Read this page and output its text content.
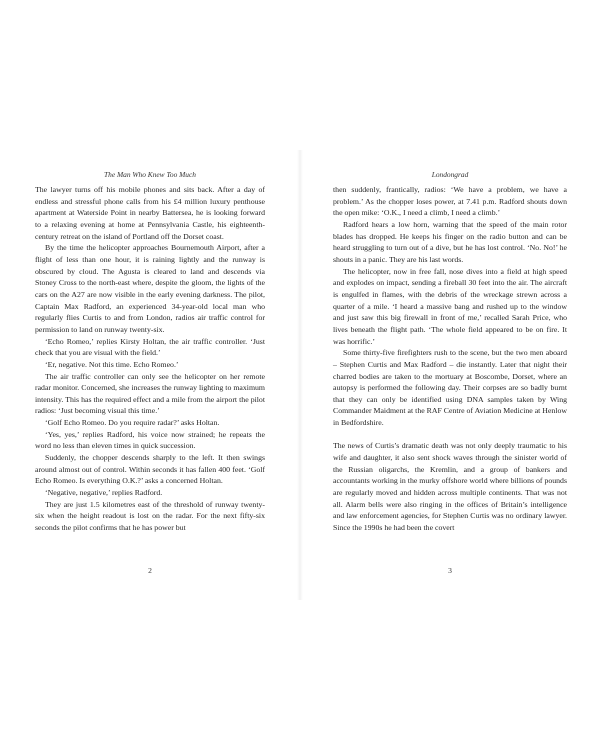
The Man Who Knew Too Much

The lawyer turns off his mobile phones and sits back. After a day of endless and stressful phone calls from his £4 million luxury penthouse apartment at Waterside Point in nearby Battersea, he is looking forward to a relaxing evening at home at Pennsylvania Castle, his eighteenth-century retreat on the island of Portland off the Dorset coast.

By the time the helicopter approaches Bournemouth Airport, after a flight of less than one hour, it is raining lightly and the runway is obscured by cloud. The Agusta is cleared to land and descends via Stoney Cross to the north-east where, despite the gloom, the lights of the cars on the A27 are now visible in the early evening darkness. The pilot, Captain Max Radford, an experienced 34-year-old local man who regularly flies Curtis to and from London, radios air traffic control for permission to land on runway twenty-six.

‘Echo Romeo,’ replies Kirsty Holtan, the air traffic controller. ‘Just check that you are visual with the field.’

‘Er, negative. Not this time. Echo Romeo.’

The air traffic controller can only see the helicopter on her remote radar monitor. Concerned, she increases the runway lighting to maximum intensity. This has the required effect and a mile from the airport the pilot radios: ‘Just becoming visual this time.’

‘Golf Echo Romeo. Do you require radar?’ asks Holtan.

‘Yes, yes,’ replies Radford, his voice now strained; he repeats the word no less than eleven times in quick succession.

Suddenly, the chopper descends sharply to the left. It then swings around almost out of control. Within seconds it has fallen 400 feet. ‘Golf Echo Romeo. Is everything O.K.?’ asks a concerned Holtan.

‘Negative, negative,’ replies Radford.

They are just 1.5 kilometres east of the threshold of runway twenty-six when the height readout is lost on the radar. For the next fifty-six seconds the pilot confirms that he has power but

2
Londongrad

then suddenly, frantically, radios: ‘We have a problem, we have a problem.’ As the chopper loses power, at 7.41 p.m. Radford shouts down the open mike: ‘O.K., I need a climb, I need a climb.’

Radford hears a low horn, warning that the speed of the main rotor blades has dropped. He keeps his finger on the radio button and can be heard struggling to turn out of a dive, but he has lost control. ‘No. No!’ he shouts in a panic. They are his last words.

The helicopter, now in free fall, nose dives into a field at high speed and explodes on impact, sending a fireball 30 feet into the air. The aircraft is engulfed in flames, with the debris of the wreckage strewn across a quarter of a mile. ‘I heard a massive bang and rushed up to the window and just saw this big firewall in front of me,’ recalled Sarah Price, who lives beneath the flight path. ‘The whole field appeared to be on fire. It was horrific.’

Some thirty-five firefighters rush to the scene, but the two men aboard – Stephen Curtis and Max Radford – die instantly. Later that night their charred bodies are taken to the mortuary at Boscombe, Dorset, where an autopsy is performed the following day. Their corpses are so badly burnt that they can only be identified using DNA samples taken by Wing Commander Maidment at the RAF Centre of Aviation Medicine at Henlow in Bedfordshire.

The news of Curtis’s dramatic death was not only deeply traumatic to his wife and daughter, it also sent shock waves through the sinister world of the Russian oligarchs, the Kremlin, and a group of bankers and accountants working in the murky offshore world where billions of pounds are regularly moved and hidden across multiple continents. That was not all. Alarm bells were also ringing in the offices of Britain’s intelligence and law enforcement agencies, for Stephen Curtis was no ordinary lawyer. Since the 1990s he had been the covert

3
